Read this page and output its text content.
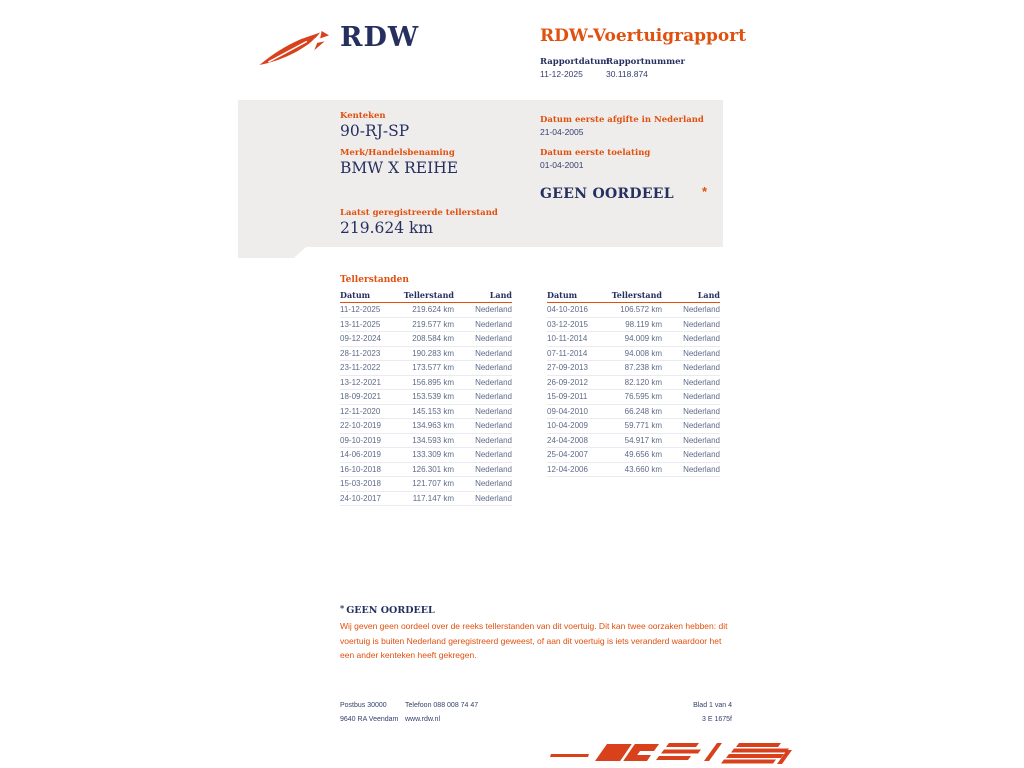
RDW	RDW-Voertuigrapport
Rapportdatum
11-12-2025
Rapportnummer
30.118.874
Kenteken
90-RJ-SP
Merk/Handelsbenaming
BMW X REIHE
Laatst geregistreerde tellerstand
219.624 km
Datum eerste afgifte in Nederland
21-04-2005
Datum eerste toelating
01-04-2001
GEEN OORDEEL *
Tellerstanden
Datum	Tellerstand	Land
11-12-2025	219.624 km	Nederland
13-11-2025	219.577 km	Nederland
09-12-2024	208.584 km	Nederland
28-11-2023	190.283 km	Nederland
23-11-2022	173.577 km	Nederland
13-12-2021	156.895 km	Nederland
18-09-2021	153.539 km	Nederland
12-11-2020	145.153 km	Nederland
22-10-2019	134.963 km	Nederland
09-10-2019	134.593 km	Nederland
14-06-2019	133.309 km	Nederland
16-10-2018	126.301 km	Nederland
15-03-2018	121.707 km	Nederland
24-10-2017	117.147 km	Nederland
Datum	Tellerstand	Land
04-10-2016	106.572 km	Nederland
03-12-2015	98.119 km	Nederland
10-11-2014	94.009 km	Nederland
07-11-2014	94.008 km	Nederland
27-09-2013	87.238 km	Nederland
26-09-2012	82.120 km	Nederland
15-09-2011	76.595 km	Nederland
09-04-2010	66.248 km	Nederland
10-04-2009	59.771 km	Nederland
24-04-2008	54.917 km	Nederland
25-04-2007	49.656 km	Nederland
12-04-2006	43.660 km	Nederland
* GEEN OORDEEL
Wij geven geen oordeel over de reeks tellerstanden van dit voertuig. Dit kan twee oorzaken hebben: dit voertuig is buiten Nederland geregistreerd geweest, of aan dit voertuig is iets veranderd waardoor het een ander kenteken heeft gekregen.
Postbus 30000
9640 RA Veendam
Telefoon 088 008 74 47
www.rdw.nl
Blad 1 van 4
3 E 1675f
